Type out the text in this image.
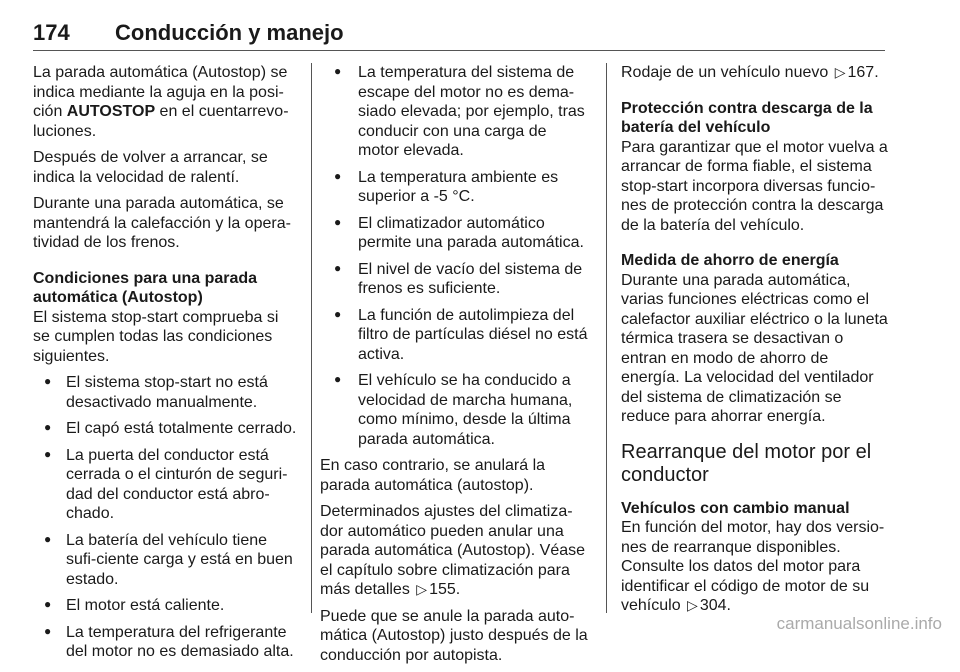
174	Conducción y manejo

La parada automática (Autostop) se indica mediante la aguja en la posi-ción AUTOSTOP en el cuentarrevo-luciones.

Después de volver a arrancar, se indica la velocidad de ralentí.

Durante una parada automática, se mantendrá la calefacción y la opera-tividad de los frenos.

Condiciones para una parada automática (Autostop)

El sistema stop-start comprueba si se cumplen todas las condiciones siguientes.

● El sistema stop-start no está desactivado manualmente.
● El capó está totalmente cerrado.
● La puerta del conductor está cerrada o el cinturón de seguri-dad del conductor está abro-chado.
● La batería del vehículo tiene sufi-ciente carga y está en buen estado.
● El motor está caliente.
● La temperatura del refrigerante del motor no es demasiado alta.
● La temperatura del sistema de escape del motor no es dema-siado elevada; por ejemplo, tras conducir con una carga de motor elevada.
● La temperatura ambiente es superior a -5 °C.
● El climatizador automático permite una parada automática.
● El nivel de vacío del sistema de frenos es suficiente.
● La función de autolimpieza del filtro de partículas diésel no está activa.
● El vehículo se ha conducido a velocidad de marcha humana, como mínimo, desde la última parada automática.

En caso contrario, se anulará la parada automática (autostop).

Determinados ajustes del climatiza-dor automático pueden anular una parada automática (Autostop). Véase el capítulo sobre climatización para más detalles ▷ 155.

Puede que se anule la parada auto-mática (Autostop) justo después de la conducción por autopista.

Rodaje de un vehículo nuevo ▷ 167.

Protección contra descarga de la batería del vehículo

Para garantizar que el motor vuelva a arrancar de forma fiable, el sistema stop-start incorpora diversas funcio-nes de protección contra la descarga de la batería del vehículo.

Medida de ahorro de energía

Durante una parada automática, varias funciones eléctricas como el calefactor auxiliar eléctrico o la luneta térmica trasera se desactivan o entran en modo de ahorro de energía. La velocidad del ventilador del sistema de climatización se reduce para ahorrar energía.

Rearranque del motor por el conductor
Vehículos con cambio manual

En función del motor, hay dos versio-nes de rearranque disponibles. Consulte los datos del motor para identificar el código de motor de su vehículo ▷ 304.

carmanualsonline.info
